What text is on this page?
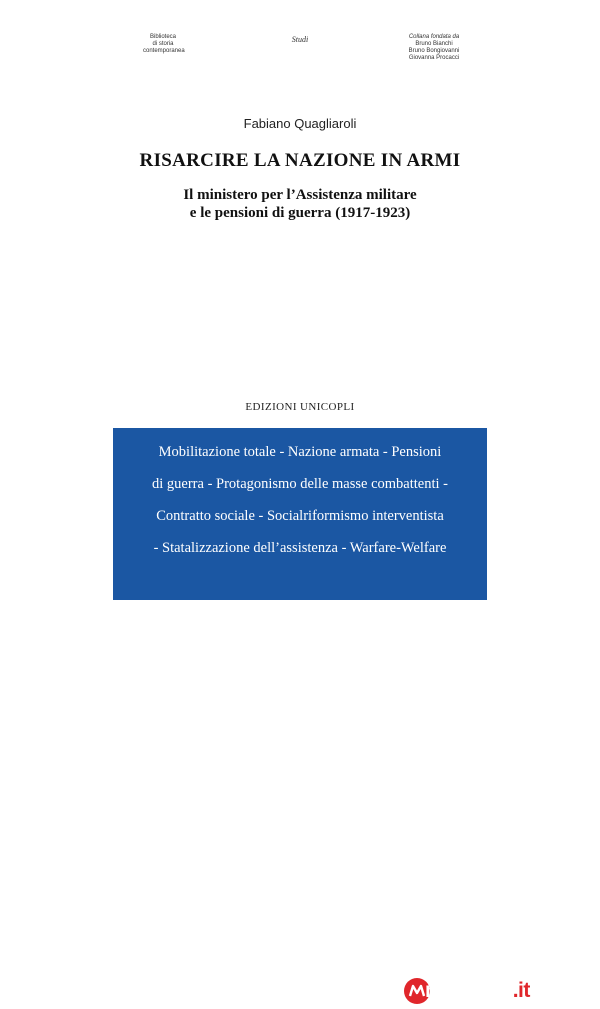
Biblioteca
di storia
contemporanea
Studi	Collana fondata da
Bruno Bianchi
Bruno Bongiovanni
Giovanna Procacci
Fabiano Quagliaroli
RISARCIRE LA NAZIONE IN ARMI
Il ministero per l’Assistenza militare
e le pensioni di guerra (1917-1923)
EDIZIONI UNICOPLI
Mobilitazione totale - Nazione armata - Pensioni
di guerra - Protagonismo delle masse combattenti -
Contratto sociale - Socialriformismo interventista
- Statalizzazione dell’assistenza - Warfare-Welfare
marsiglia.it
